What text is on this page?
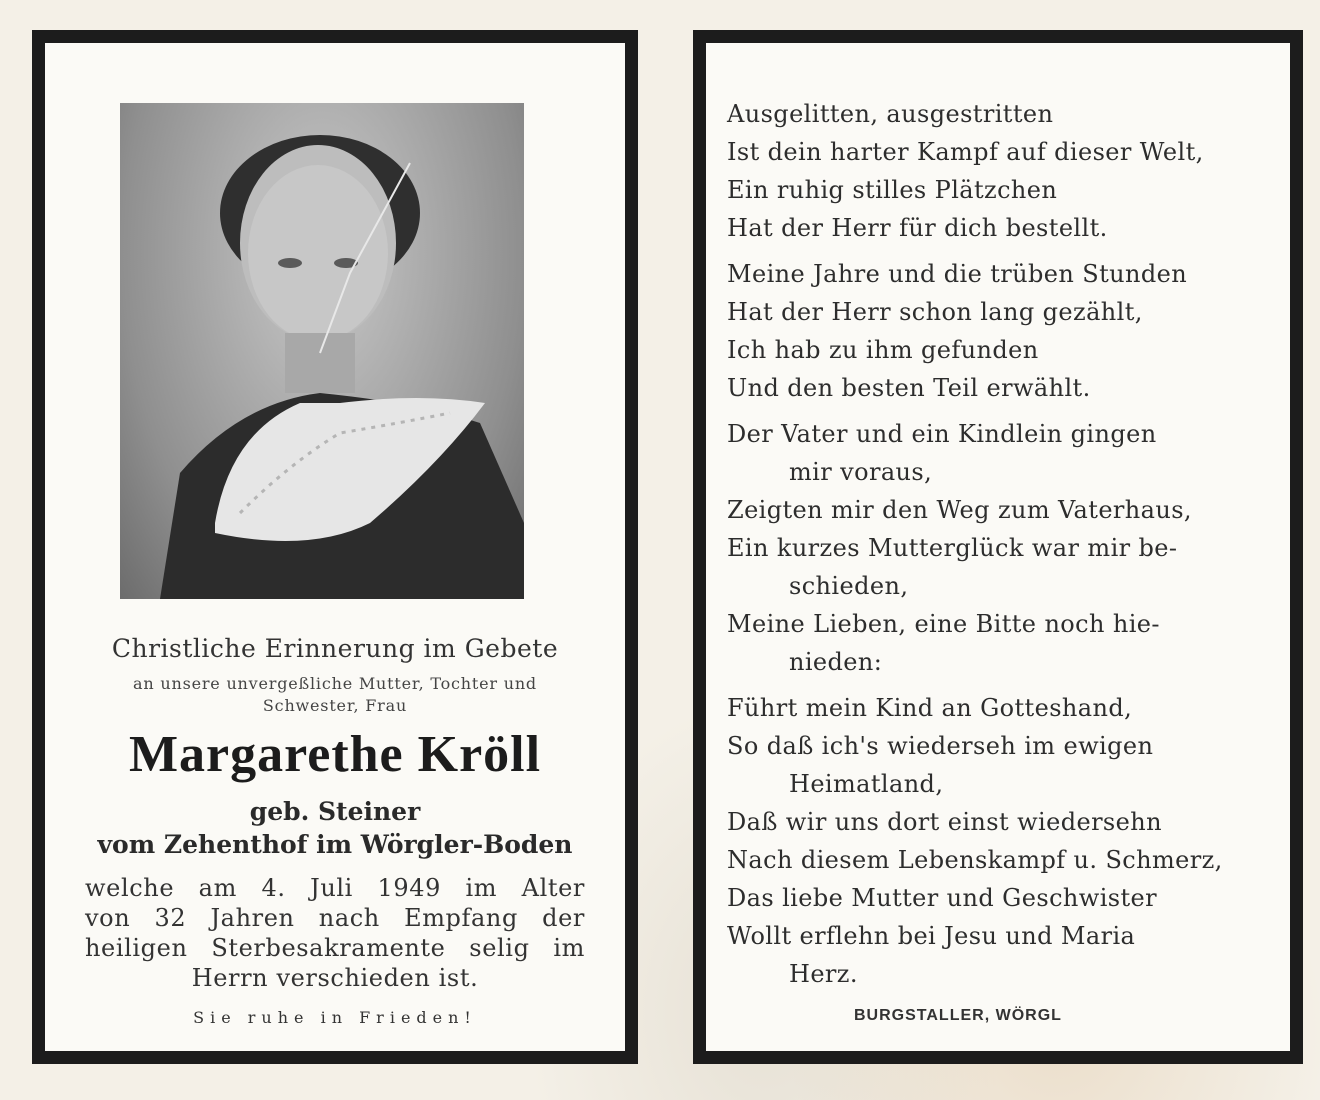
Christliche Erinnerung im Gebete
an unsere unvergeßliche Mutter, Tochter und
Schwester, Frau
Margarethe Kröll
geb. Steiner
vom Zehenthof im Wörgler-Boden
welche am 4. Juli 1949 im Alter
von 32 Jahren nach Empfang der
heiligen Sterbesakramente selig im
Herrn verschieden ist.
Sie ruhe in Frieden!
Ausgelitten, ausgestritten
Ist dein harter Kampf auf dieser Welt,
Ein ruhig stilles Plätzchen
Hat der Herr für dich bestellt.
Meine Jahre und die trüben Stunden
Hat der Herr schon lang gezählt,
Ich hab zu ihm gefunden
Und den besten Teil erwählt.
Der Vater und ein Kindlein gingen
mir voraus,
Zeigten mir den Weg zum Vaterhaus,
Ein kurzes Mutterglück war mir be-
schieden,
Meine Lieben, eine Bitte noch hie-
nieden:
Führt mein Kind an Gotteshand,
So daß ich's wiederseh im ewigen
Heimatland,
Daß wir uns dort einst wiedersehn
Nach diesem Lebenskampf u. Schmerz,
Das liebe Mutter und Geschwister
Wollt erflehn bei Jesu und Maria
Herz.
BURGSTALLER, WÖRGL
